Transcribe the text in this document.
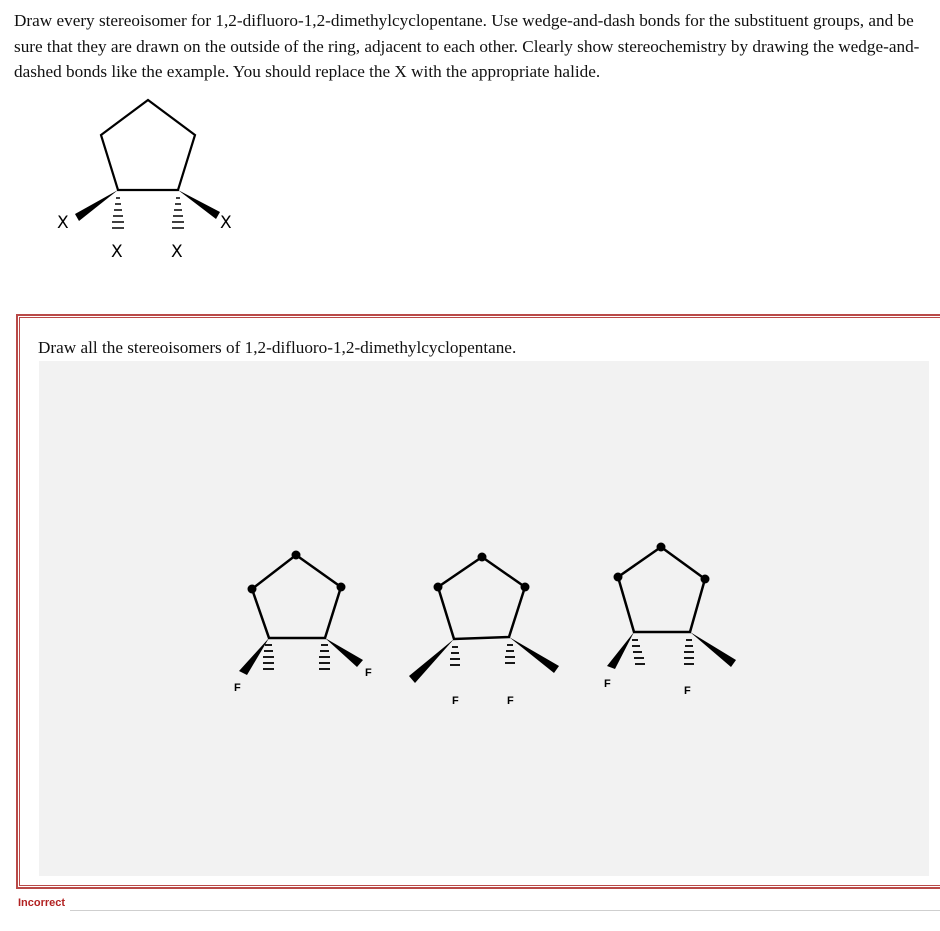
Draw every stereoisomer for 1,2-difluoro-1,2-dimethylcyclopentane. Use wedge-and-dash bonds for the substituent groups, and be sure that they are drawn on the outside of the ring, adjacent to each other. Clearly show stereochemistry by drawing the wedge-and-dashed bonds like the example. You should replace the X with the appropriate halide.

X	X
X	X
Draw all the stereoisomers of 1,2-difluoro-1,2-dimethylcyclopentane.
F
F
F	F
F
F
Incorrect
